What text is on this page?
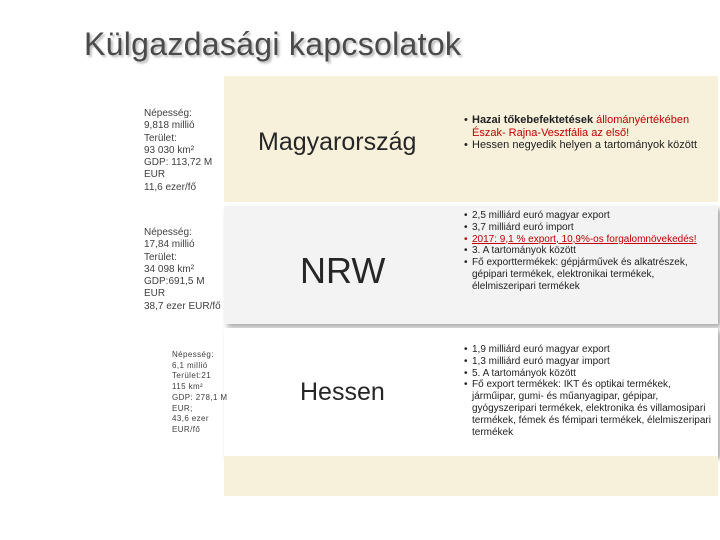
Külgazdasági kapcsolatok
Népesség:
9,818 millió
Terület:
93 030 km²
GDP: 113,72 M
EUR
11,6 ezer/fő
Népesség:
17,84 millió
Terület:
34 098 km²
GDP:691,5 M
EUR
38,7 ezer EUR/fő
Népesség:
6,1 millió
Terület:21
115 km²
GDP: 278,1 M
EUR;
43,6 ezer
EUR/fő
Magyarország
NRW
Hessen
• Hazai tőkebefektetések állományértékében
Észak- Rajna-Vesztfália az első!
• Hessen negyedik helyen a tartományok között
• 2,5 milliárd euró magyar export
• 3,7 milliárd euró import
• 2017: 9,1 % export, 10,9%-os forgalomnövekedés!
• 3. A tartományok között
• Fő exporttermékek: gépjárművek és alkatrészek, gépipari termékek, elektronikai termékek, élelmiszeripari termékek
• 1,9 milliárd euró magyar export
• 1,3 milliárd euró magyar import
• 5. A tartományok között
• Fő export termékek: IKT és optikai termékek, járműipar, gumi- és műanyagipar, gépipar, gyógyszeripari termékek, elektronika és villamosipari termékek, fémek és fémipari termékek, élelmiszeripari termékek
